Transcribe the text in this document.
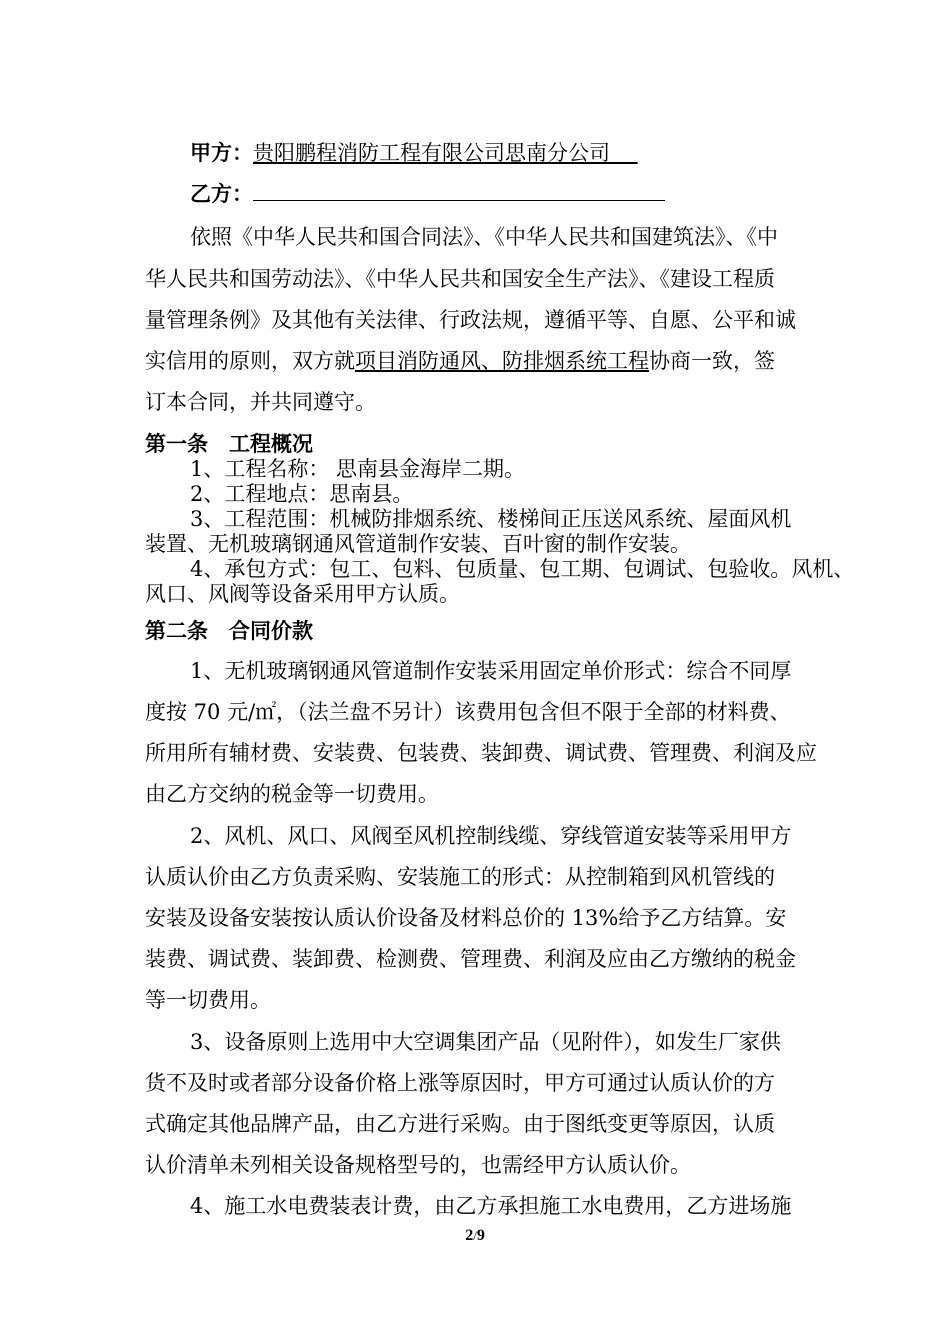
甲方：贵阳鹏程消防工程有限公司思南分公司 
乙方：
依照《中华人民共和国合同法》、《中华人民共和国建筑法》、《中
华人民共和国劳动法》、《中华人民共和国安全生产法》、《建设工程质
量管理条例》及其他有关法律、行政法规，遵循平等、自愿、公平和诚
实信用的原则，双方就项目消防通风、防排烟系统工程协商一致，签
订本合同，并共同遵守。
第一条　工程概况
1、工程名称： 思南县金海岸二期。
2、工程地点：思南县。
3、工程范围：机械防排烟系统、楼梯间正压送风系统、屋面风机
装置、无机玻璃钢通风管道制作安装、百叶窗的制作安装。
4、承包方式：包工、包料、包质量、包工期、包调试、包验收。风机、
风口、风阀等设备采用甲方认质。
第二条　合同价款
1、无机玻璃钢通风管道制作安装采用固定单价形式：综合不同厚
度按 70 元/㎡，（法兰盘不另计）该费用包含但不限于全部的材料费、
所用所有辅材费、安装费、包装费、装卸费、调试费、管理费、利润及应
由乙方交纳的税金等一切费用。
2、风机、风口、风阀至风机控制线缆、穿线管道安装等采用甲方
认质认价由乙方负责采购、安装施工的形式：从控制箱到风机管线的
安装及设备安装按认质认价设备及材料总价的 13%给予乙方结算。安
装费、调试费、装卸费、检测费、管理费、利润及应由乙方缴纳的税金
等一切费用。
3、设备原则上选用中大空调集团产品（见附件），如发生厂家供
货不及时或者部分设备价格上涨等原因时，甲方可通过认质认价的方
式确定其他品牌产品，由乙方进行采购。由于图纸变更等原因，认质
认价清单未列相关设备规格型号的，也需经甲方认质认价。
4、施工水电费装表计费，由乙方承担施工水电费用，乙方进场施
2/9
